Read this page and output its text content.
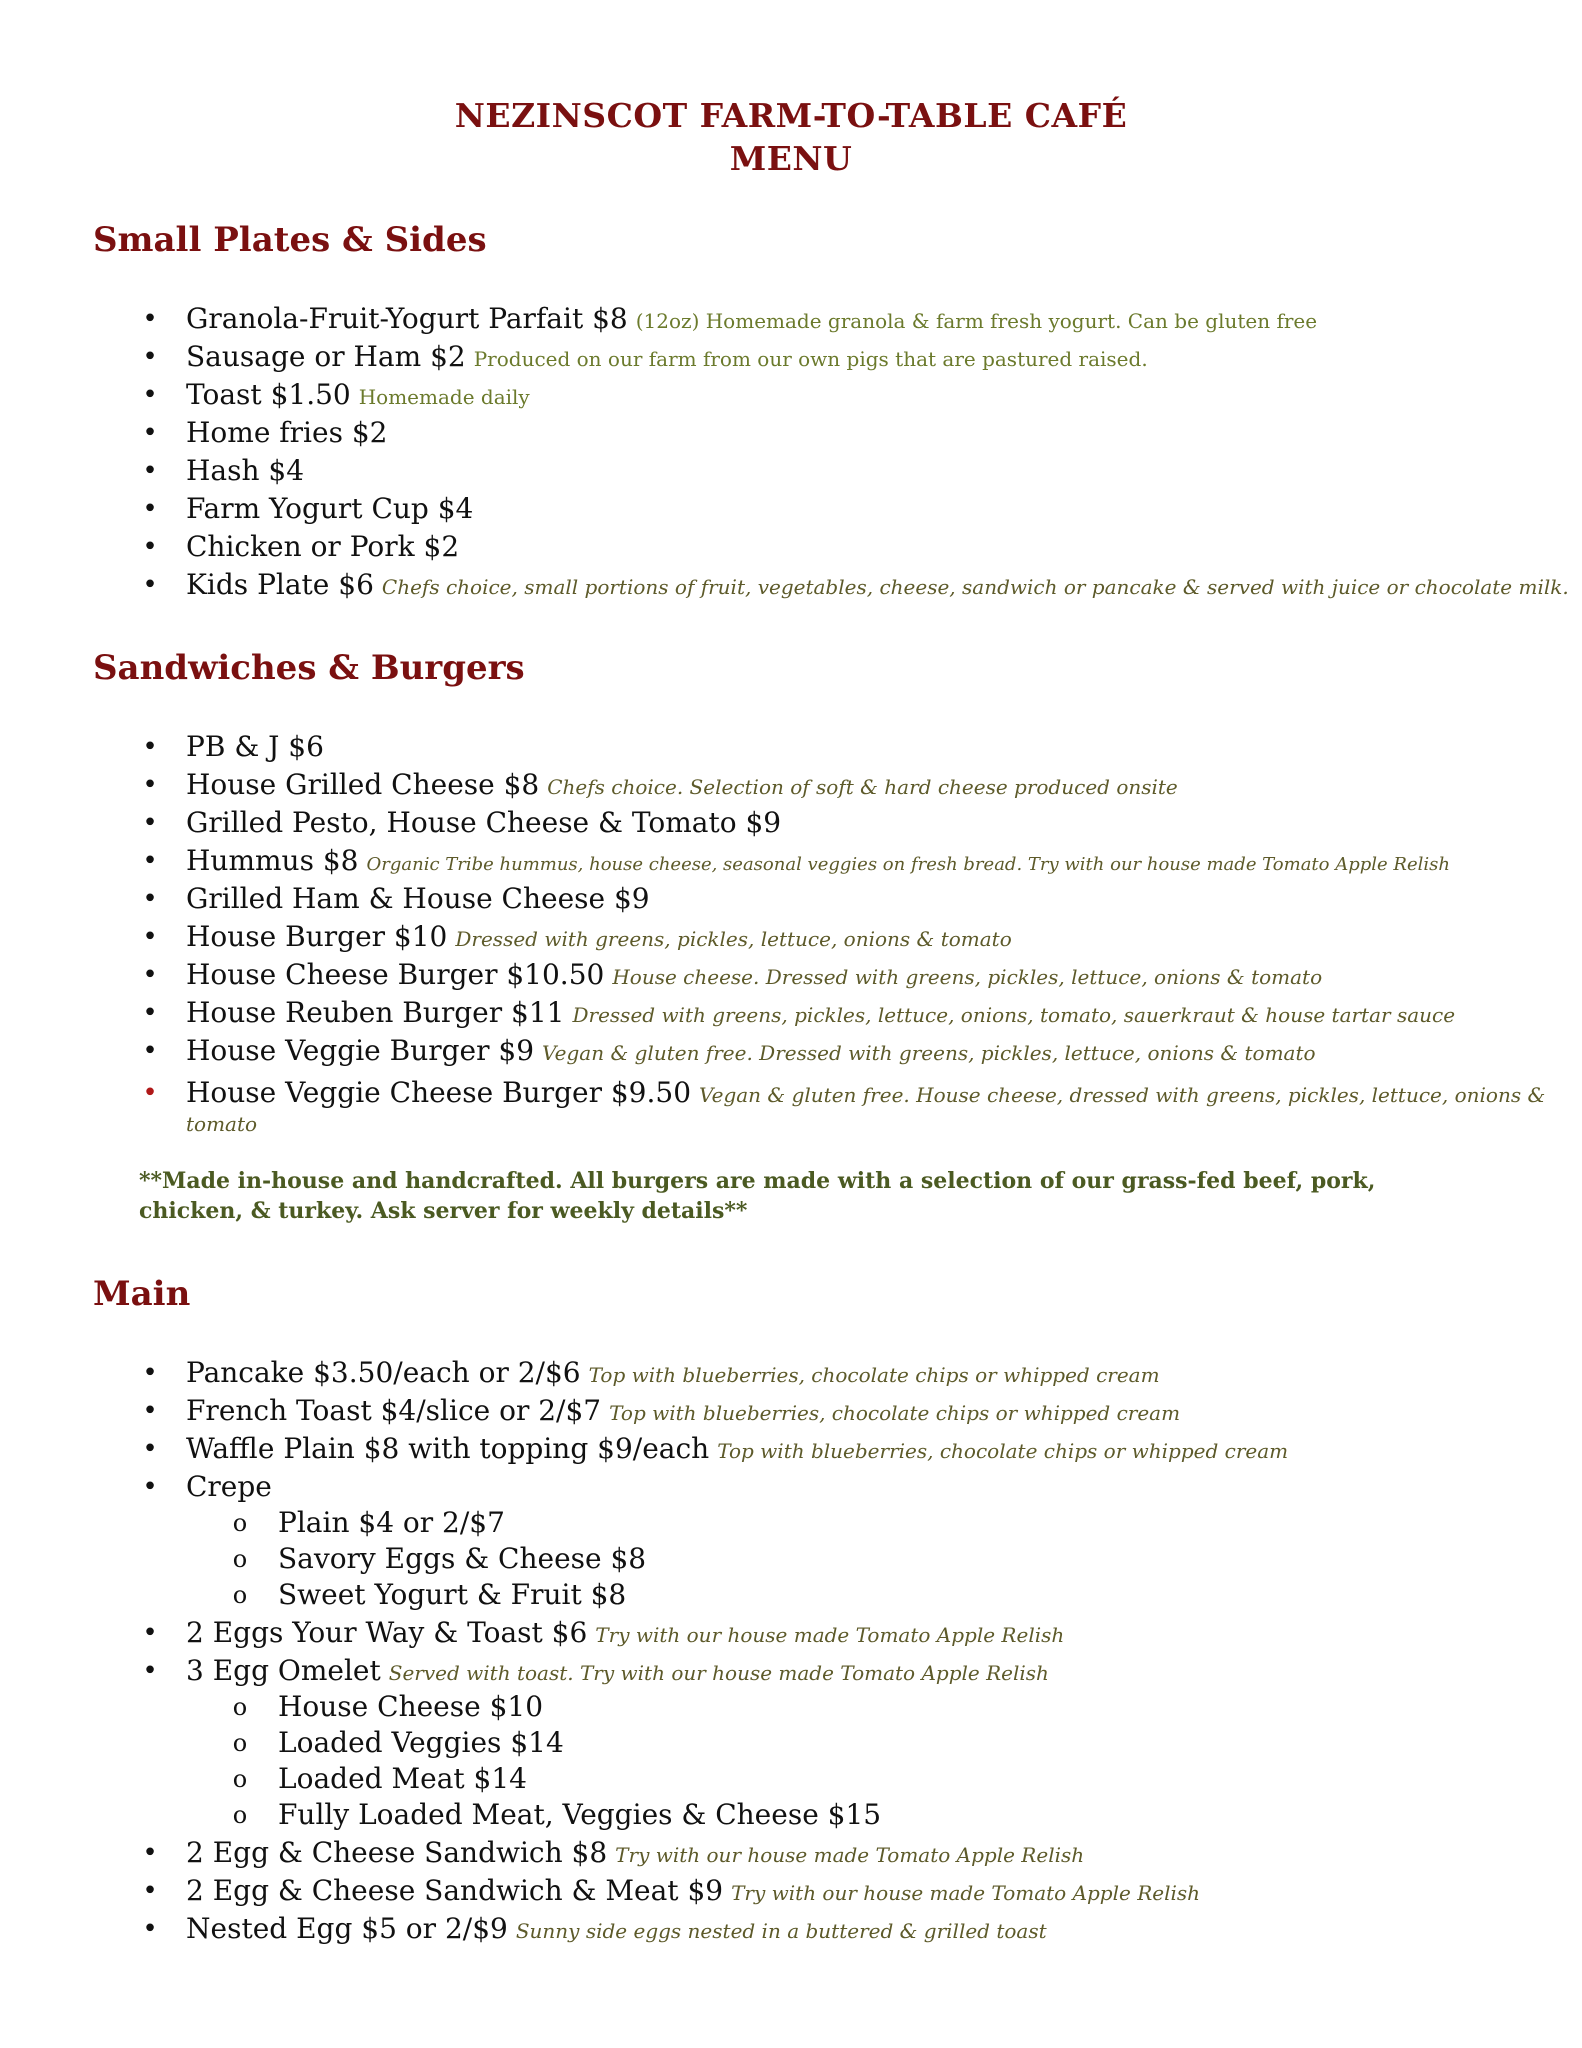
NEZINSCOT FARM-TO-TABLE CAFÉ
MENU
Small Plates & Sides
• Granola-Fruit-Yogurt Parfait $8 (12oz) Homemade granola & farm fresh yogurt. Can be gluten free
• Sausage or Ham $2 Produced on our farm from our own pigs that are pastured raised.
• Toast $1.50 Homemade daily
• Home fries $2
• Hash $4
• Farm Yogurt Cup $4
• Chicken or Pork $2
• Kids Plate $6 Chefs choice, small portions of fruit, vegetables, cheese, sandwich or pancake & served with juice or chocolate milk.
Sandwiches & Burgers
• PB & J $6
• House Grilled Cheese $8 Chefs choice. Selection of soft & hard cheese produced onsite
• Grilled Pesto, House Cheese & Tomato $9
• Hummus $8 Organic Tribe hummus, house cheese, seasonal veggies on fresh bread. Try with our house made Tomato Apple Relish
• Grilled Ham & House Cheese $9
• House Burger $10 Dressed with greens, pickles, lettuce, onions & tomato
• House Cheese Burger $10.50 House cheese. Dressed with greens, pickles, lettuce, onions & tomato
• House Reuben Burger $11 Dressed with greens, pickles, lettuce, onions, tomato, sauerkraut & house tartar sauce
• House Veggie Burger $9 Vegan & gluten free. Dressed with greens, pickles, lettuce, onions & tomato
• House Veggie Cheese Burger $9.50 Vegan & gluten free. House cheese, dressed with greens, pickles, lettuce, onions &
tomato
**Made in-house and handcrafted. All burgers are made with a selection of our grass-fed beef, pork, chicken, & turkey. Ask server for weekly details**
Main
• Pancake $3.50/each or 2/$6 Top with blueberries, chocolate chips or whipped cream
• French Toast $4/slice or 2/$7 Top with blueberries, chocolate chips or whipped cream
• Waffle Plain $8 with topping $9/each Top with blueberries, chocolate chips or whipped cream
• Crepe
o Plain $4 or 2/$7
o Savory Eggs & Cheese $8
o Sweet Yogurt & Fruit $8
• 2 Eggs Your Way & Toast $6 Try with our house made Tomato Apple Relish
• 3 Egg Omelet Served with toast. Try with our house made Tomato Apple Relish
o House Cheese $10
o Loaded Veggies $14
o Loaded Meat $14
o Fully Loaded Meat, Veggies & Cheese $15
• 2 Egg & Cheese Sandwich $8 Try with our house made Tomato Apple Relish
• 2 Egg & Cheese Sandwich & Meat $9 Try with our house made Tomato Apple Relish
• Nested Egg $5 or 2/$9 Sunny side eggs nested in a buttered & grilled toast
